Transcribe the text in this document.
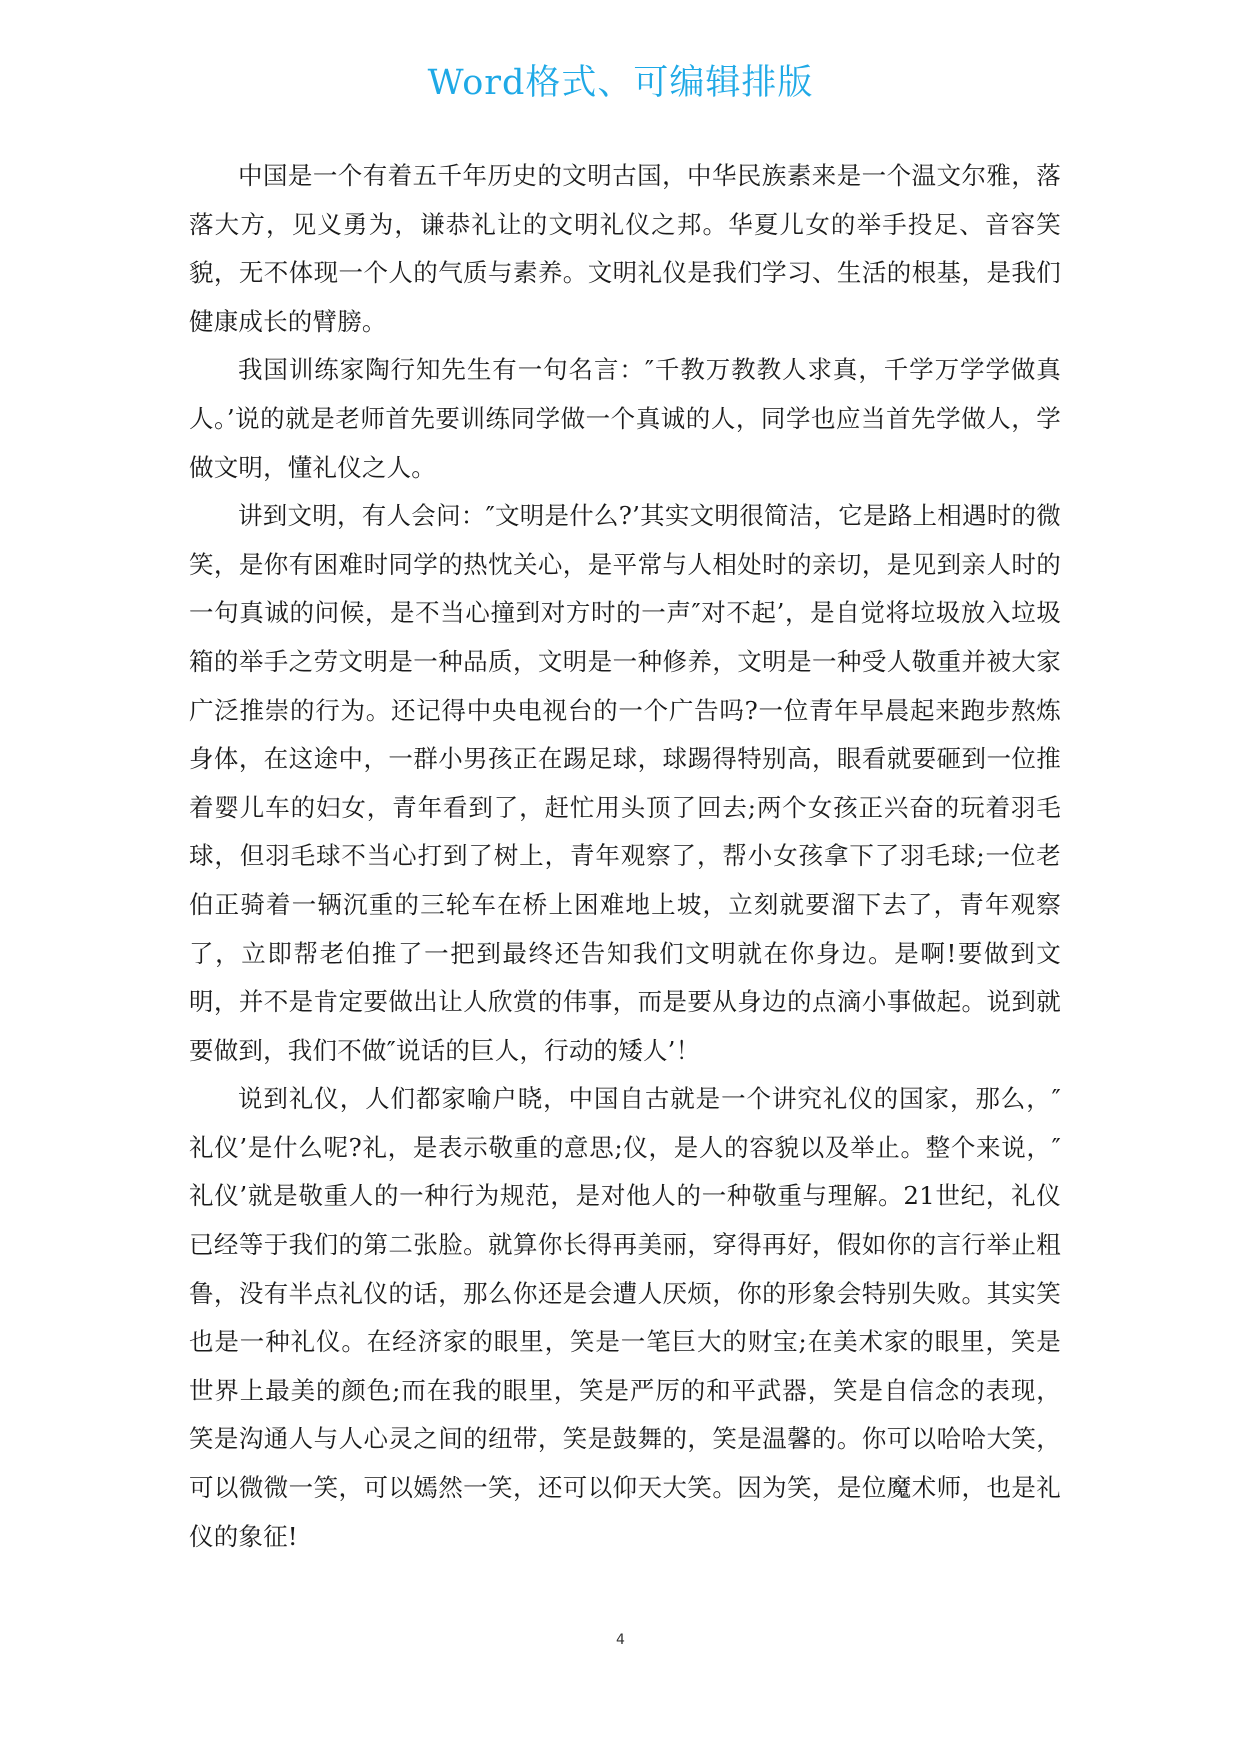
Word格式、可编辑排版

中国是一个有着五千年历史的文明古国，中华民族素来是一个温文尔雅，落落大方，见义勇为，谦恭礼让的文明礼仪之邦。华夏儿女的举手投足、音容笑貌，无不体现一个人的气质与素养。文明礼仪是我们学习、生活的根基，是我们健康成长的臂膀。

我国训练家陶行知先生有一句名言：″千教万教教人求真，千学万学学做真人。’说的就是老师首先要训练同学做一个真诚的人，同学也应当首先学做人，学做文明，懂礼仪之人。

讲到文明，有人会问：″文明是什么?’其实文明很简洁，它是路上相遇时的微笑，是你有困难时同学的热忱关心，是平常与人相处时的亲切，是见到亲人时的一句真诚的问候，是不当心撞到对方时的一声″对不起’，是自觉将垃圾放入垃圾箱的举手之劳文明是一种品质，文明是一种修养，文明是一种受人敬重并被大家广泛推崇的行为。还记得中央电视台的一个广告吗?一位青年早晨起来跑步熬炼身体，在这途中，一群小男孩正在踢足球，球踢得特别高，眼看就要砸到一位推着婴儿车的妇女，青年看到了，赶忙用头顶了回去;两个女孩正兴奋的玩着羽毛球，但羽毛球不当心打到了树上，青年观察了，帮小女孩拿下了羽毛球;一位老伯正骑着一辆沉重的三轮车在桥上困难地上坡，立刻就要溜下去了，青年观察了，立即帮老伯推了一把到最终还告知我们文明就在你身边。是啊!要做到文明，并不是肯定要做出让人欣赏的伟事，而是要从身边的点滴小事做起。说到就要做到，我们不做″说话的巨人，行动的矮人’！

说到礼仪，人们都家喻户晓，中国自古就是一个讲究礼仪的国家，那么，″礼仪’是什么呢?礼，是表示敬重的意思;仪，是人的容貌以及举止。整个来说，″礼仪’就是敬重人的一种行为规范，是对他人的一种敬重与理解。21世纪，礼仪已经等于我们的第二张脸。就算你长得再美丽，穿得再好，假如你的言行举止粗鲁，没有半点礼仪的话，那么你还是会遭人厌烦，你的形象会特别失败。其实笑也是一种礼仪。在经济家的眼里，笑是一笔巨大的财宝;在美术家的眼里，笑是世界上最美的颜色;而在我的眼里，笑是严厉的和平武器，笑是自信念的表现，笑是沟通人与人心灵之间的纽带，笑是鼓舞的，笑是温馨的。你可以哈哈大笑，可以微微一笑，可以嫣然一笑，还可以仰天大笑。因为笑，是位魔术师，也是礼仪的象征!

4
